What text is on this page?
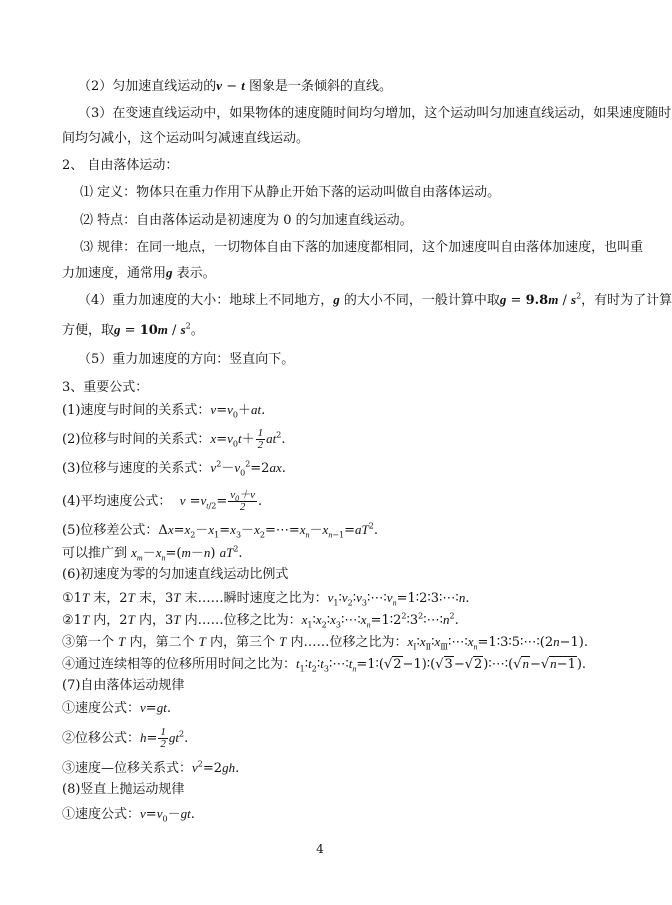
（2）匀加速直线运动的v − t 图象是一条倾斜的直线。
（3）在变速直线运动中，如果物体的速度随时间均匀增加，这个运动叫匀加速直线运动，如果速度随时
间均匀减小，这个运动叫匀减速直线运动。
2、 自由落体运动：
⑴ 定义：物体只在重力作用下从静止开始下落的运动叫做自由落体运动。
⑵ 特点：自由落体运动是初速度为 0 的匀加速直线运动。
⑶ 规律：在同一地点，一切物体自由下落的加速度都相同，这个加速度叫自由落体加速度，也叫重
力加速度，通常用g 表示。
（4）重力加速度的大小：地球上不同地方，g 的大小不同，一般计算中取$g = 9.8m / s^2$，有时为了计算
方便，取$g = 10m / s^2$。
（5）重力加速度的方向：竖直向下。
3、重要公式：
(1)速度与时间的关系式：$v=v_0+at$.
(2)位移与时间的关系式：$x=v_0t+ \frac{1}{2} at^2$.
(3)位移与速度的关系式：$v^2-v_0^2=2ax$.
(4)平均速度公式：  $v =v_{t/2}= \frac{v_0+v}{2}$ .
(5)位移差公式：$\Delta x=x_2-x_1=x_3-x_2=\cdots=x_n-x_{n-1}=aT^2$.
可以推广到 $x_m-x_n=(m-n)$ $aT^2$.
(6)初速度为零的匀加速直线运动比例式
①1T 末，2T 末，3T 末……瞬时速度之比为：$v_1∶v_2∶v_3∶\cdots∶v_n=1∶2∶3∶\cdots∶n$.
②1T 内，2T 内，3T 内……位移之比为：$x_1∶x_2∶x_3∶\cdots∶x_n=1∶2^2∶3^2∶\cdots∶n^2$.
③第一个 T 内，第二个 T 内，第三个 T 内……位移之比为：$x_Ⅰ∶x_Ⅱ∶x_Ⅲ∶\cdots∶x_n=1∶3∶5∶\cdots∶(2n-1)$.
④通过连续相等的位移所用时间之比为：$t_1∶t_2∶t_3∶\cdots∶t_n=1∶(√2-1)∶(√3-√2)∶\cdots∶(√n-√n-1)$.
(7)自由落体运动规律
①速度公式：v=gt.
②位移公式：$h= \frac{1}{2} gt^2$.
③速度—位移关系式：$v^2=2gh$.
(8)竖直上抛运动规律
①速度公式：$v=v_0-gt$.
4
